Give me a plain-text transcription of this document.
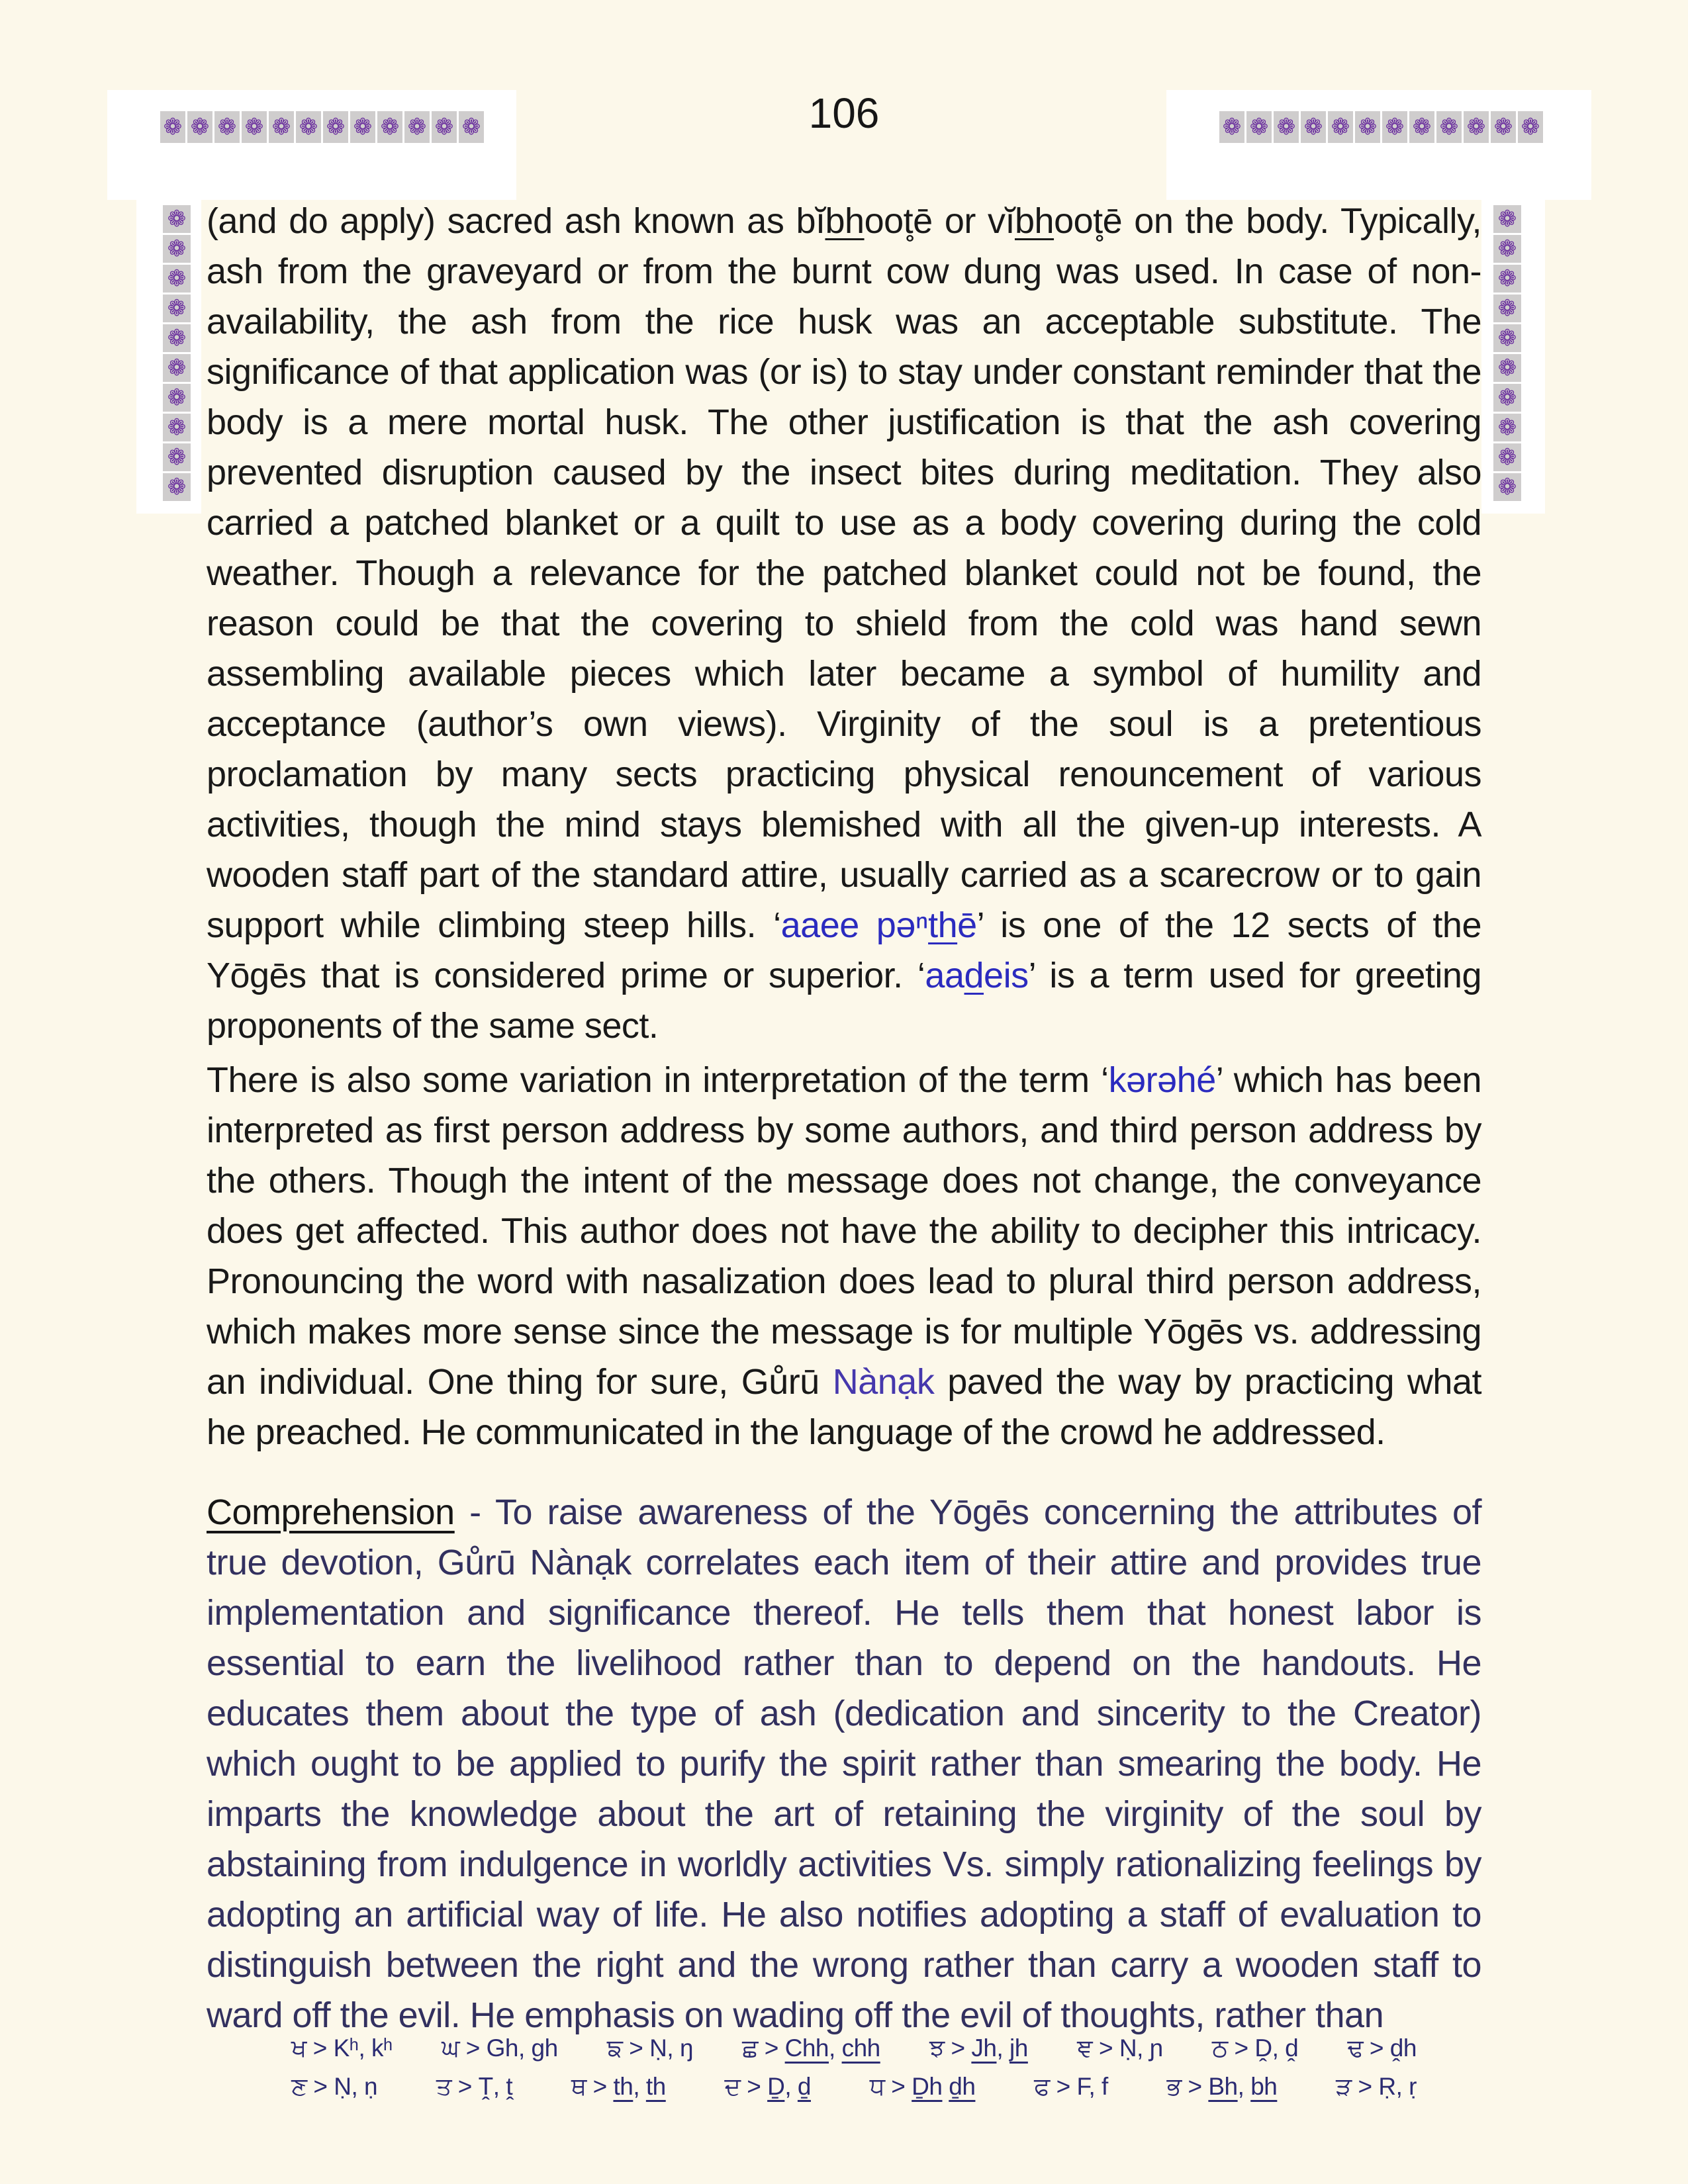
❁ ❁ ❁ ❁ ❁ ❁ ❁ ❁ ❁ ❁ ❁ ❁	❁ ❁ ❁ ❁ ❁ ❁ ❁ ❁ ❁ ❁ ❁ ❁
❁
❁
❁
❁
❁
❁
❁
❁
❁
❁
❁
❁
❁
❁
❁
❁
❁
❁
❁
❁
106

(and do apply) sacred ash known as bĭbhoot̥ē or vĭbhoot̥ē on the body. Typically, ash from the graveyard or from the burnt cow dung was used. In case of non-availability, the ash from the rice husk was an acceptable substitute. The significance of that application was (or is) to stay under constant reminder that the body is a mere mortal husk. The other justification is that the ash covering prevented disruption caused by the insect bites during meditation. They also carried a patched blanket or a quilt to use as a body covering during the cold weather. Though a relevance for the patched blanket could not be found, the reason could be that the covering to shield from the cold was hand sewn assembling available pieces which later became a symbol of humility and acceptance (author’s own views). Virginity of the soul is a pretentious proclamation by many sects practicing physical renouncement of various activities, though the mind stays blemished with all the given-up interests. A wooden staff part of the standard attire, usually carried as a scarecrow or to gain support while climbing steep hills. ‘aaee pəⁿthē’ is one of the 12 sects of the Yōgēs that is considered prime or superior. ‘aadeis’ is a term used for greeting proponents of the same sect.

There is also some variation in interpretation of the term ‘kərəhé’ which has been interpreted as first person address by some authors, and third person address by the others. Though the intent of the message does not change, the conveyance does get affected. This author does not have the ability to decipher this intricacy. Pronouncing the word with nasalization does lead to plural third person address, which makes more sense since the message is for multiple Yōgēs vs. addressing an individual. One thing for sure, Gůrū Nànạk paved the way by practicing what he preached. He communicated in the language of the crowd he addressed.

Comprehension - To raise awareness of the Yōgēs concerning the attributes of true devotion, Gůrū Nànạk correlates each item of their attire and provides true implementation and significance thereof. He tells them that honest labor is essential to earn the livelihood rather than to depend on the handouts. He educates them about the type of ash (dedication and sincerity to the Creator) which ought to be applied to purify the spirit rather than smearing the body. He imparts the knowledge about the art of retaining the virginity of the soul by abstaining from indulgence in worldly activities Vs. simply rationalizing feelings by adopting an artificial way of life. He also notifies adopting a staff of evaluation to distinguish between the right and the wrong rather than carry a wooden staff to ward off the evil. He emphasis on wading off the evil of thoughts, rather than

ਖ > Kʰ, kʰ ਘ > Gh, gh ਙ > Ṇ, ŋ ਛ > Chh, chh ਝ > Jh, jh ਞ > Ṇ, ɲ ਠ > Ḓ, ḓ ਢ > ḓh
ਣ > Ṇ, ṇ ਤ > Ṱ, ṱ ਥ > th, th ਦ > Ḏ, ḏ ਧ > Ḏh ḏh ਫ > F, f ਭ > Bh, bh ੜ > Ṛ, ṛ
